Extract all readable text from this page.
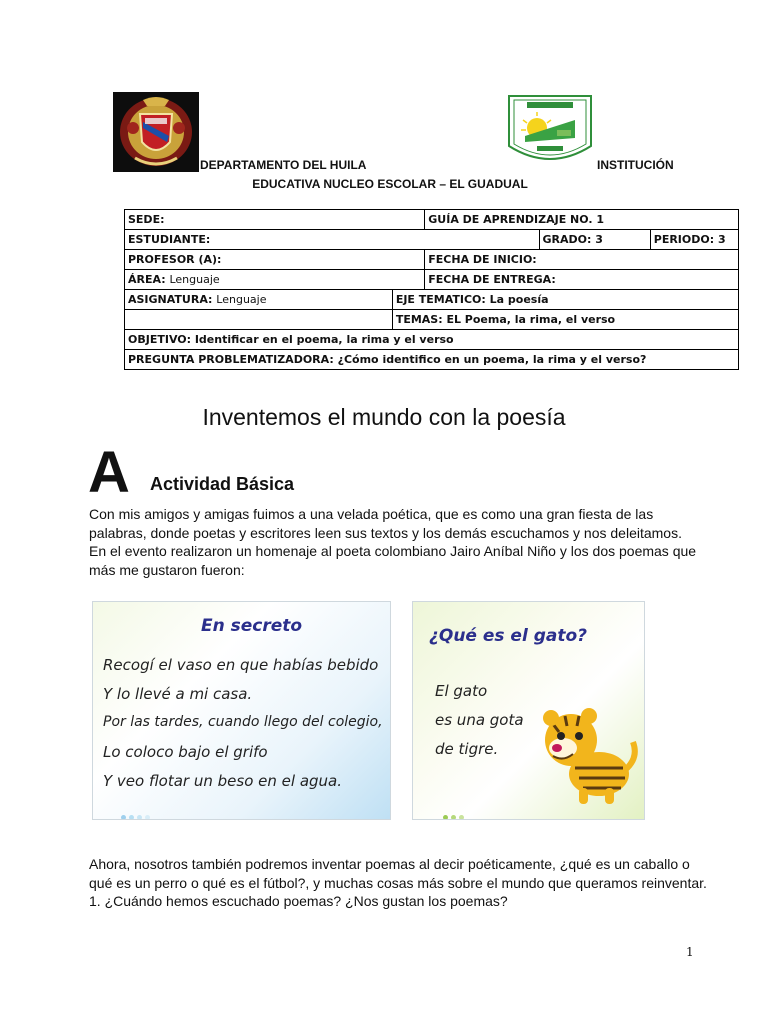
DEPARTAMENTO DEL HUILA	INSTITUCIÓN
EDUCATIVA NUCLEO ESCOLAR – EL GUADUAL
SEDE:		GUÍA DE APRENDIZAJE NO. 1		
ESTUDIANTE:			GRADO: 3	PERIODO: 3
PROFESOR (A):		FECHA DE INICIO:		
ÁREA: Lenguaje		FECHA DE ENTREGA:		
ASIGNATURA: Lenguaje	EJE TEMATICO: La poesía			
	TEMAS: EL Poema, la rima, el verso			
OBJETIVO: Identificar en el poema, la rima y el verso				
PREGUNTA PROBLEMATIZADORA: ¿Cómo identifico en un poema, la rima y el verso?				
Inventemos el mundo con la poesía
A Actividad Básica
Con mis amigos y amigas fuimos a una velada poética, que es como una gran fiesta de las palabras, donde poetas y escritores leen sus textos y los demás escuchamos y nos deleitamos. En el evento realizaron un homenaje al poeta colombiano Jairo Aníbal Niño y los dos poemas que más me gustaron fueron:
En secreto
Recogí el vaso en que habías bebido
Y lo llevé a mi casa.
Por las tardes, cuando llego del colegio,
Lo coloco bajo el grifo
Y veo flotar un beso en el agua.
¿Qué es el gato?
El gato
es una gota
de tigre.
Ahora, nosotros también podremos inventar poemas al decir poéticamente, ¿qué es un caballo o qué es un perro o qué es el fútbol?, y muchas cosas más sobre el mundo que queramos reinventar.
1. ¿Cuándo hemos escuchado poemas? ¿Nos gustan los poemas?
1
